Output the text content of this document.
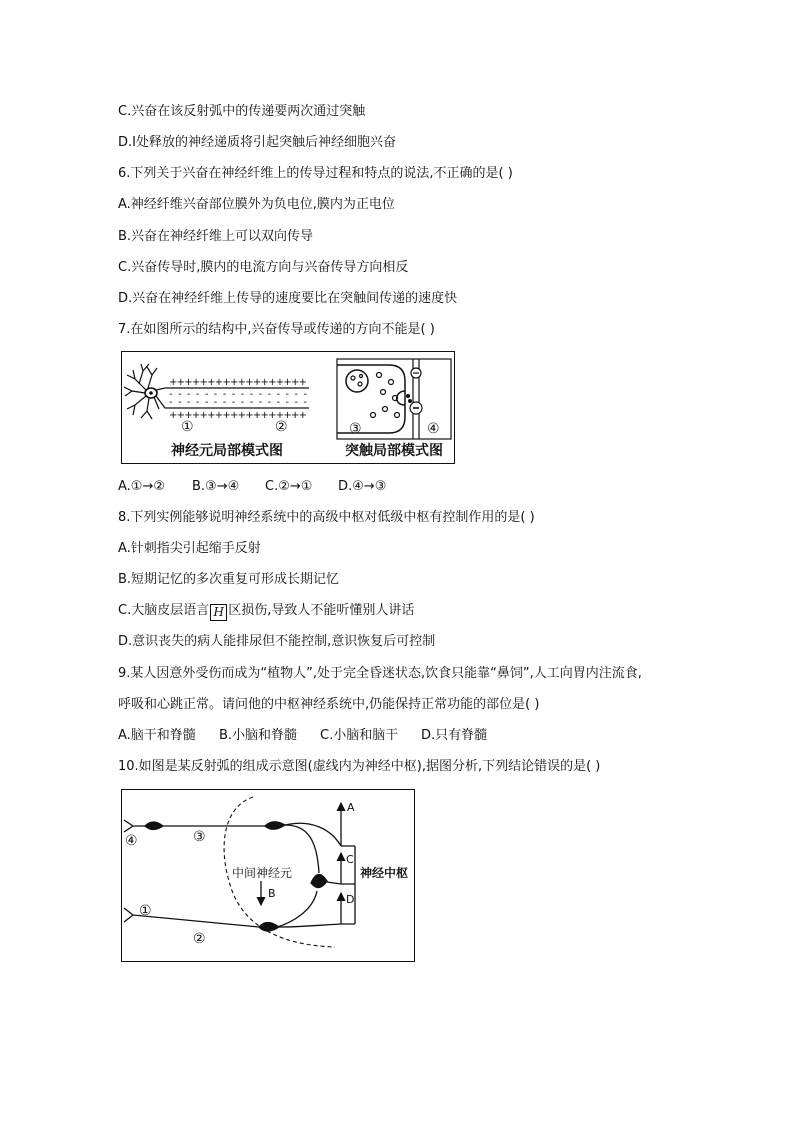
C.兴奋在该反射弧中的传递要两次通过突触
D.I处释放的神经递质将引起突触后神经细胞兴奋
6.下列关于兴奋在神经纤维上的传导过程和特点的说法,不正确的是( )
A.神经纤维兴奋部位膜外为负电位,膜内为正电位
B.兴奋在神经纤维上可以双向传导
C.兴奋传导时,膜内的电流方向与兴奋传导方向相反
D.兴奋在神经纤维上传导的速度要比在突触间传递的速度快
7.在如图所示的结构中,兴奋传导或传递的方向不能是( )
++++++++++++++++++
- - - - - - - - - - - - - - - -
- - - - - - - - - - - - - - - -
++++++++++++++++++
①	②
神经元局部模式图
③	④
突触局部模式图
A.①→② B.③→④ C.②→① D.④→③
8.下列实例能够说明神经系统中的高级中枢对低级中枢有控制作用的是( )
A.针刺指尖引起缩手反射
B.短期记忆的多次重复可形成长期记忆
C.大脑皮层语言 H 区损伤,导致人不能听懂别人讲话
D.意识丧失的病人能排尿但不能控制,意识恢复后可控制
9.某人因意外受伤而成为“植物人”,处于完全昏迷状态,饮食只能靠“鼻饲”,人工向胃内注流食,
呼吸和心跳正常。请问他的中枢神经系统中,仍能保持正常功能的部位是( )
A.脑干和脊髓 B.小脑和脊髓 C.小脑和脑干 D.只有脊髓
10.如图是某反射弧的组成示意图(虚线内为神经中枢),据图分析,下列结论错误的是( )
④	③
①
②
A
B
C
D
中间神经元	神经中枢
